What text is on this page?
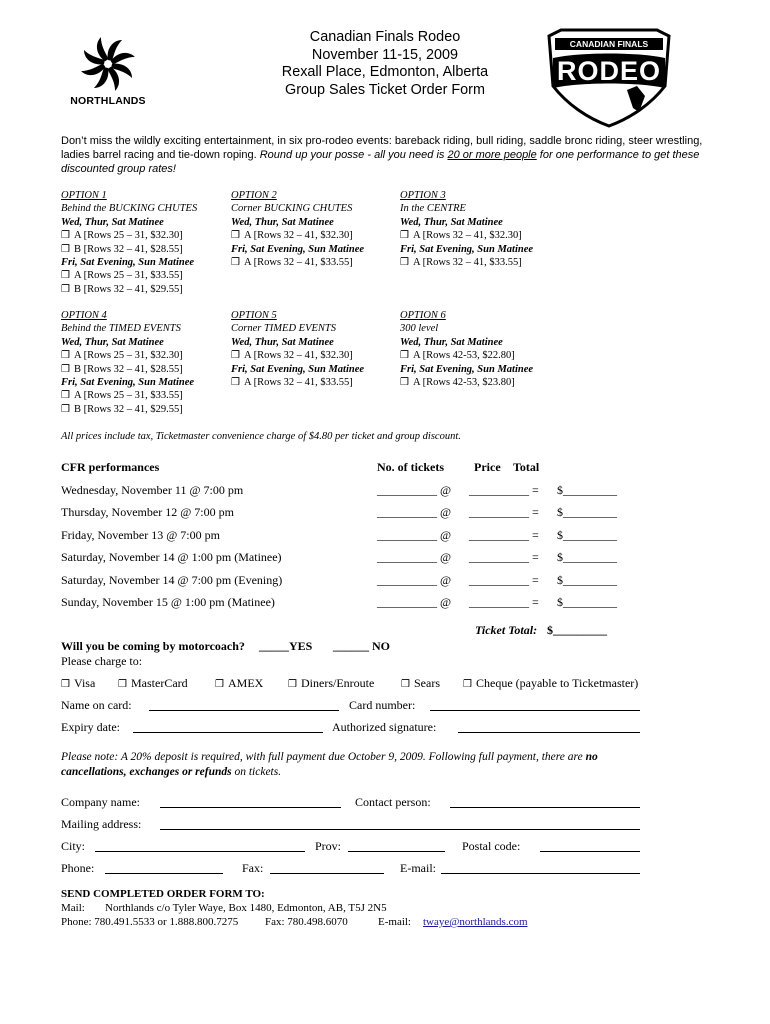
NORTHLANDS
Canadian Finals Rodeo
November 11-15, 2009
Rexall Place, Edmonton, Alberta
Group Sales Ticket Order Form
CANADIAN FINALS
RODEO
Don’t miss the wildly exciting entertainment, in six pro-rodeo events: bareback riding, bull riding, saddle bronc riding, steer wrestling, ladies barrel racing and tie-down roping. Round up your posse - all you need is 20 or more people for one performance to get these discounted group rates!
OPTION 1
Behind the BUCKING CHUTES
Wed, Thur, Sat Matinee
❒ A [Rows 25 – 31, $32.30]
❒ B [Rows 32 – 41, $28.55]
Fri, Sat Evening, Sun Matinee
❒ A [Rows 25 – 31, $33.55]
❒ B [Rows 32 – 41, $29.55]
OPTION 2
Corner BUCKING CHUTES
Wed, Thur, Sat Matinee
❒ A [Rows 32 – 41, $32.30]
Fri, Sat Evening, Sun Matinee
❒ A [Rows 32 – 41, $33.55]
OPTION 3
In the CENTRE
Wed, Thur, Sat Matinee
❒ A [Rows 32 – 41, $32.30]
Fri, Sat Evening, Sun Matinee
❒ A [Rows 32 – 41, $33.55]
OPTION 4
Behind the TIMED EVENTS
Wed, Thur, Sat Matinee
❒ A [Rows 25 – 31, $32.30]
❒ B [Rows 32 – 41, $28.55]
Fri, Sat Evening, Sun Matinee
❒ A [Rows 25 – 31, $33.55]
❒ B [Rows 32 – 41, $29.55]
OPTION 5
Corner TIMED EVENTS
Wed, Thur, Sat Matinee
❒ A [Rows 32 – 41, $32.30]
Fri, Sat Evening, Sun Matinee
❒ A [Rows 32 – 41, $33.55]
OPTION 6
300 level
Wed, Thur, Sat Matinee
❒ A [Rows 42-53, $22.80]
Fri, Sat Evening, Sun Matinee
❒ A [Rows 42-53, $23.80]
All prices include tax, Ticketmaster convenience charge of $4.80 per ticket and group discount.
CFR performances	No. of tickets	Price Total
Wednesday, November 11 @ 7:00 pm	__________ @ __________ = $_________
Thursday, November 12 @ 7:00 pm	__________ @ __________ = $_________
Friday, November 13 @ 7:00 pm	__________ @ __________ = $_________
Saturday, November 14 @ 1:00 pm (Matinee)	__________ @ __________ = $_________
Saturday, November 14 @ 7:00 pm (Evening)	__________ @ __________ = $_________
Sunday, November 15 @ 1:00 pm (Matinee)	__________ @ __________ = $_________
Ticket Total: $_________
Will you be coming by motorcoach? _____YES ______ NO
Please charge to:
❒ Visa ❒ MasterCard	❒ AMEX ❒ Diners/Enroute	❒ Sears ❒ Cheque (payable to Ticketmaster)
Name on card:	Card number:
Expiry date:	Authorized signature:
Please note: A 20% deposit is required, with full payment due October 9, 2009. Following full payment, there are no cancellations, exchanges or refunds on tickets.
Company name:	Contact person:
Mailing address:
City:	Prov:	Postal code:
Phone:	Fax:	E-mail:
SEND COMPLETED ORDER FORM TO:
Mail: Northlands c/o Tyler Waye, Box 1480, Edmonton, AB, T5J 2N5
Phone: 780.491.5533 or 1.888.800.7275 Fax: 780.498.6070	E-mail: twaye@northlands.com
